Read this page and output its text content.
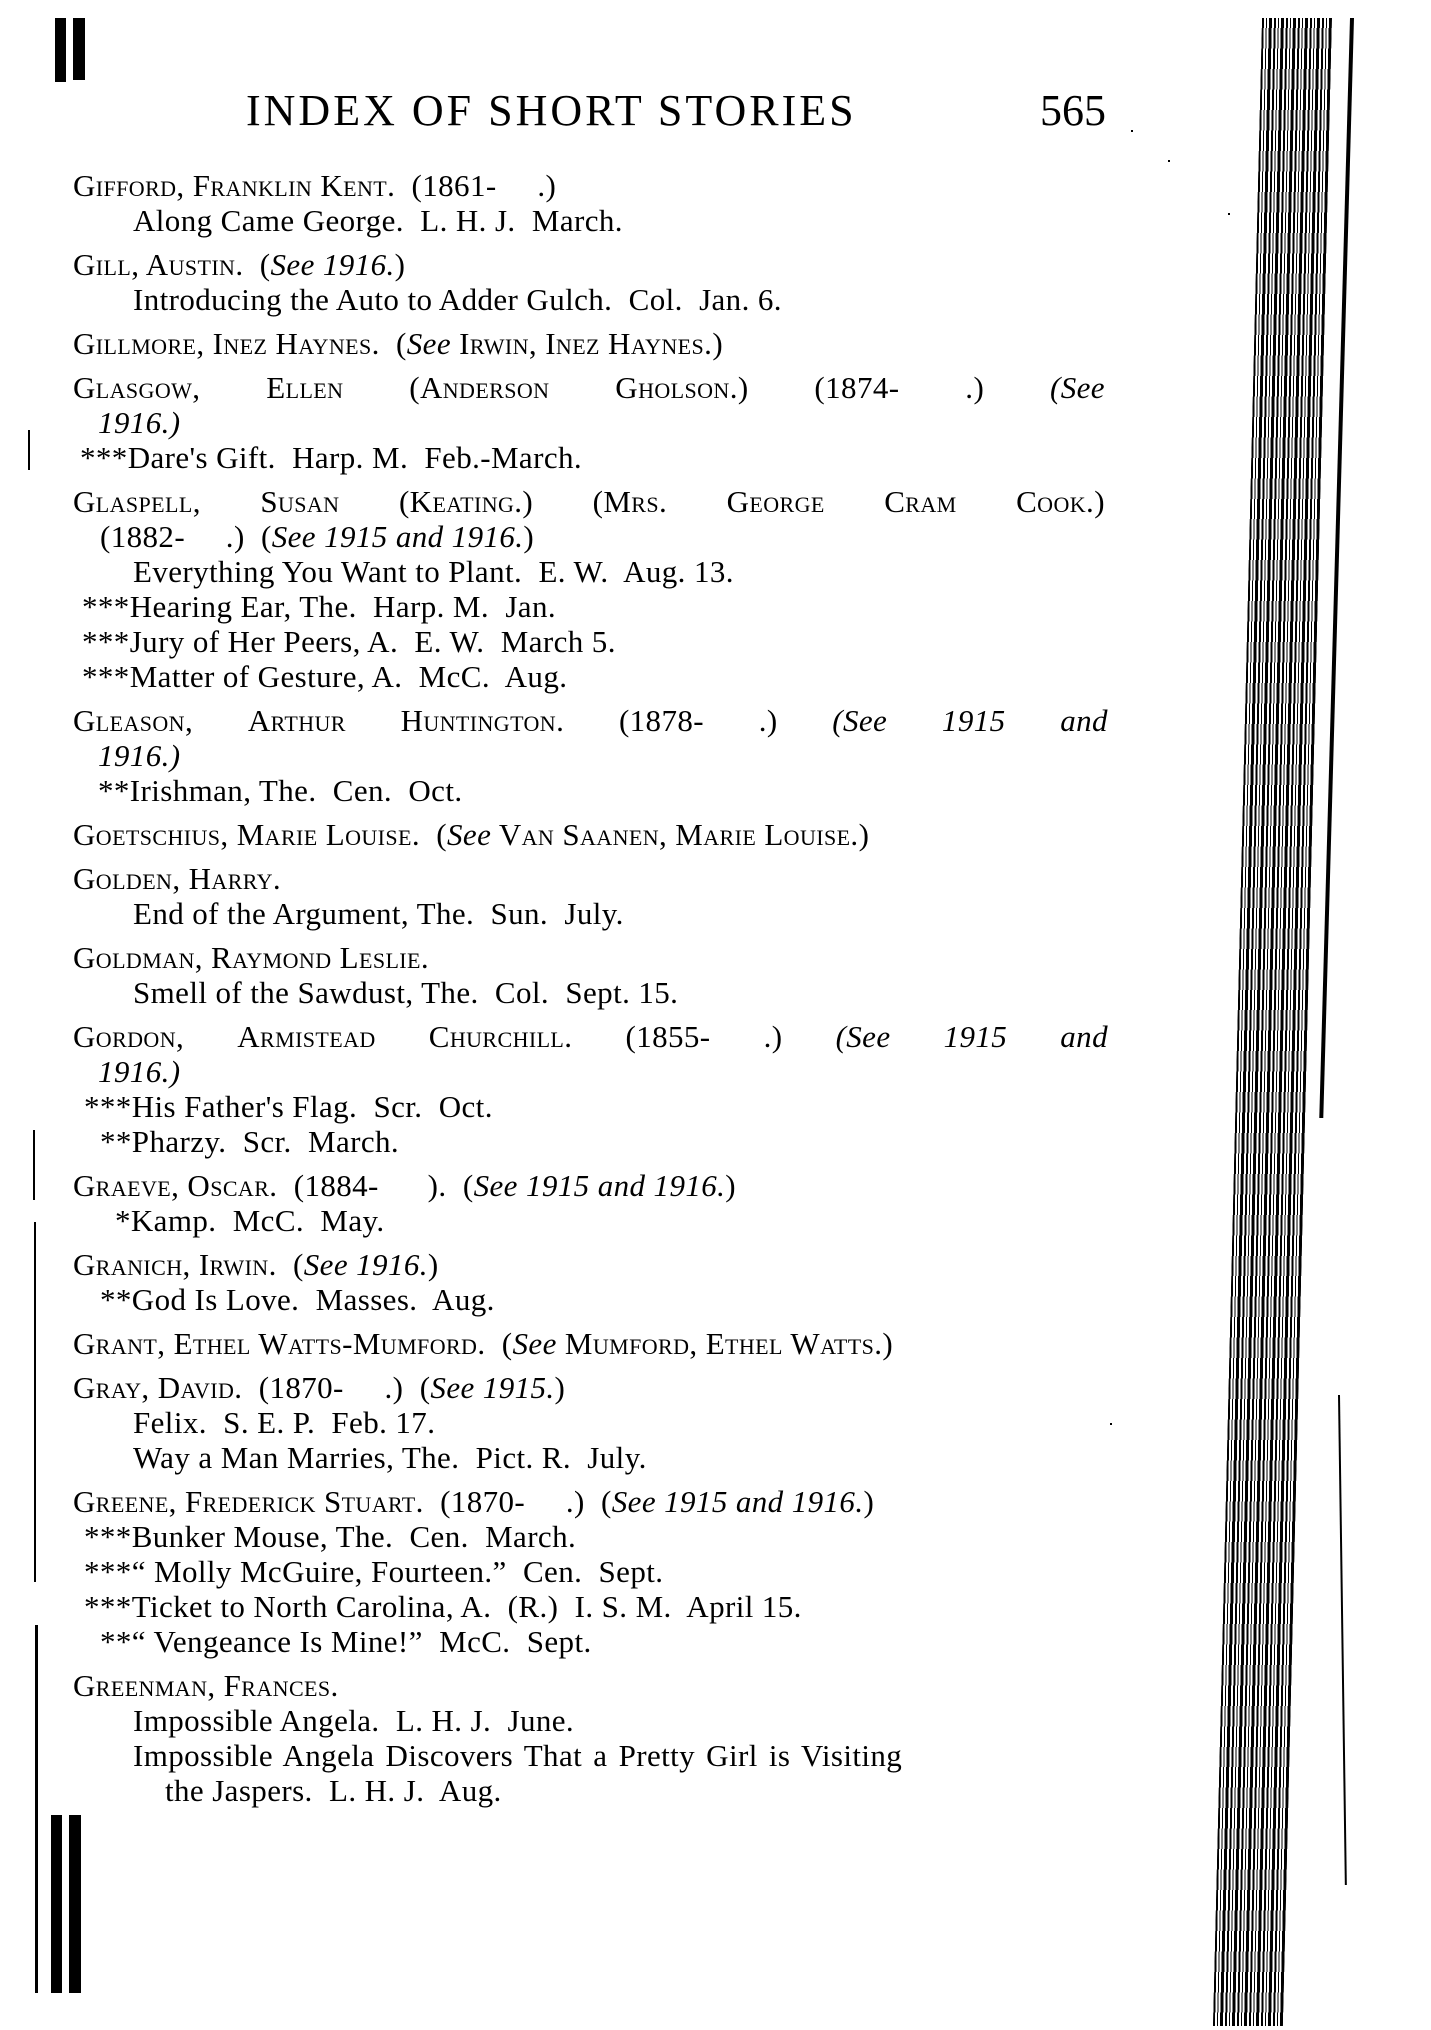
INDEX OF SHORT STORIES	565
Gifford, Franklin Kent.  (1861-     .)
Along Came George.  L. H. J.  March.
Gill, Austin.  (See 1916.)
Introducing the Auto to Adder Gulch.  Col.  Jan. 6.
Gillmore, Inez Haynes.  (See Irwin, Inez Haynes.)
Glasgow, Ellen (Anderson Gholson.) (1874- .) (See
1916.)
***Dare's Gift.  Harp. M.  Feb.-March.
Glaspell, Susan (Keating.) (Mrs. George Cram Cook.)
(1882-     .)  (See 1915 and 1916.)
Everything You Want to Plant.  E. W.  Aug. 13.
***Hearing Ear, The.  Harp. M.  Jan.
***Jury of Her Peers, A.  E. W.  March 5.
***Matter of Gesture, A.  McC.  Aug.
Gleason, Arthur Huntington. (1878- .) (See 1915 and
1916.)
**Irishman, The.  Cen.  Oct.
Goetschius, Marie Louise.  (See Van Saanen, Marie Louise.)
Golden, Harry.
End of the Argument, The.  Sun.  July.
Goldman, Raymond Leslie.
Smell of the Sawdust, The.  Col.  Sept. 15.
Gordon, Armistead Churchill. (1855- .) (See 1915 and
1916.)
***His Father's Flag.  Scr.  Oct.
**Pharzy.  Scr.  March.
Graeve, Oscar.  (1884-      ).  (See 1915 and 1916.)
*Kamp.  McC.  May.
Granich, Irwin.  (See 1916.)
**God Is Love.  Masses.  Aug.
Grant, Ethel Watts-Mumford.  (See Mumford, Ethel Watts.)
Gray, David.  (1870-     .)  (See 1915.)
Felix.  S. E. P.  Feb. 17.
Way a Man Marries, The.  Pict. R.  July.
Greene, Frederick Stuart.  (1870-     .)  (See 1915 and 1916.)
***Bunker Mouse, The.  Cen.  March.
***“ Molly McGuire, Fourteen.”  Cen.  Sept.
***Ticket to North Carolina, A.  (R.)  I. S. M.  April 15.
**“ Vengeance Is Mine!”  McC.  Sept.
Greenman, Frances.
Impossible Angela.  L. H. J.  June.
Impossible Angela Discovers That a Pretty Girl is Visiting
the Jaspers.  L. H. J.  Aug.
